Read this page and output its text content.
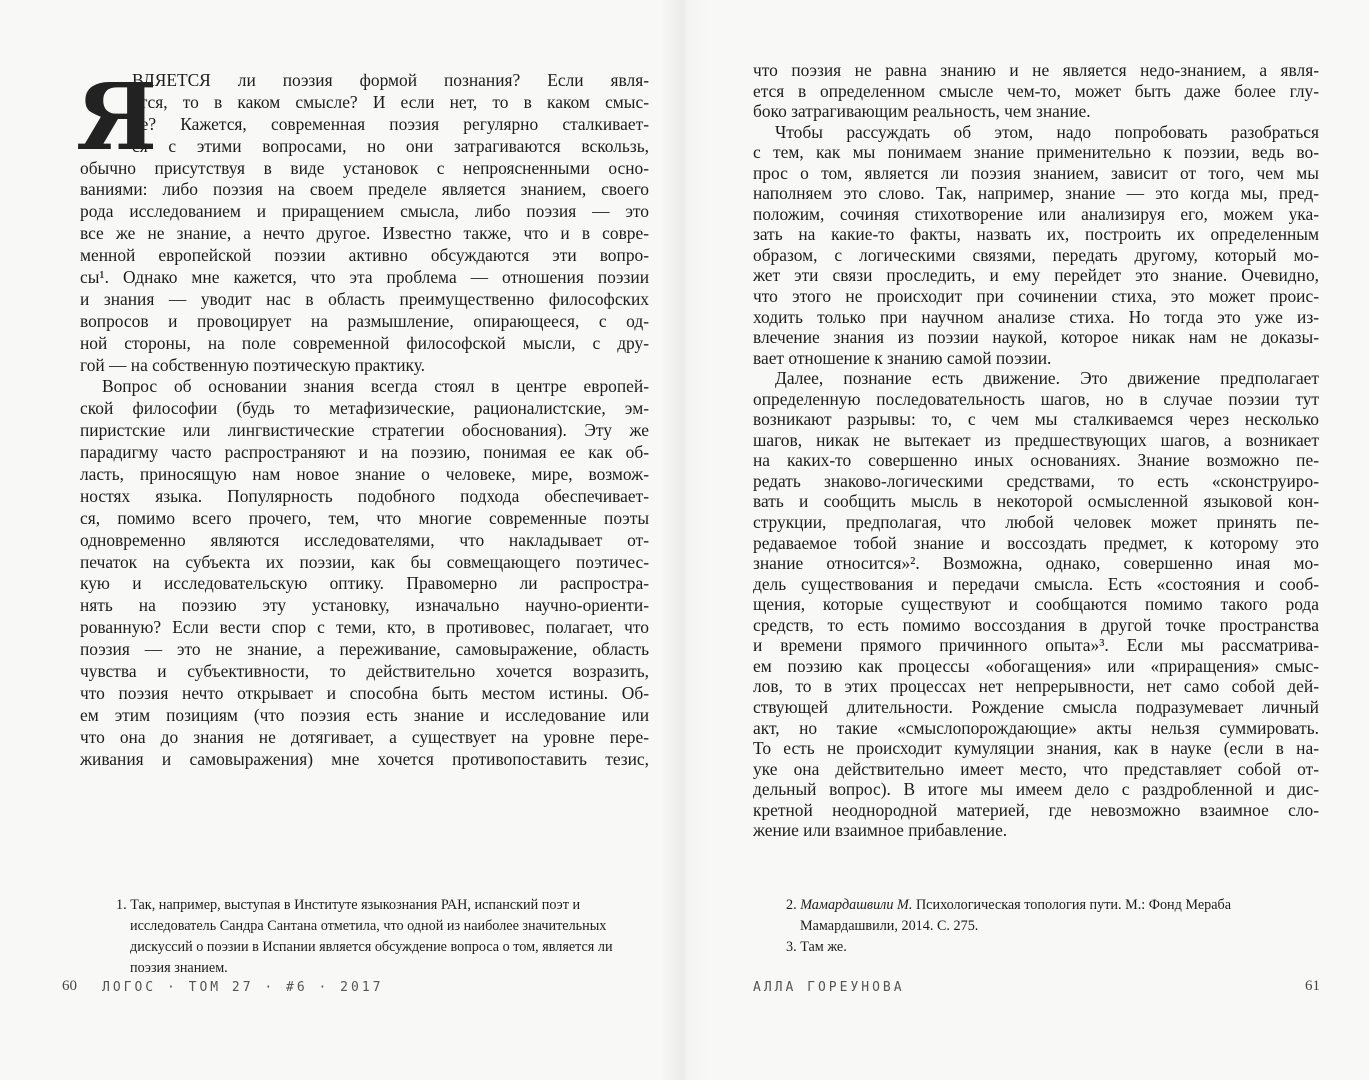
Я
ВЛЯЕТСЯ ли поэзия формой познания? Если явля-
ется, то в каком смысле? И если нет, то в каком смыс-
ле? Кажется, современная поэзия регулярно сталкивает-
ся с этими вопросами, но они затрагиваются вскользь,
обычно присутствуя в виде установок с непроясненными осно-
ваниями: либо поэзия на своем пределе является знанием, своего
рода исследованием и приращением смысла, либо поэзия — это
все же не знание, а нечто другое. Известно также, что и в совре-
менной европейской поэзии активно обсуждаются эти вопро-
сы¹. Однако мне кажется, что эта проблема — отношения поэзии
и знания — уводит нас в область преимущественно философских
вопросов и провоцирует на размышление, опирающееся, с од-
ной стороны, на поле современной философской мысли, с дру-
гой — на собственную поэтическую практику.
Вопрос об основании знания всегда стоял в центре европей-
ской философии (будь то метафизические, рационалистские, эм-
пиристские или лингвистические стратегии обоснования). Эту же
парадигму часто распространяют и на поэзию, понимая ее как об-
ласть, приносящую нам новое знание о человеке, мире, возмож-
ностях языка. Популярность подобного подхода обеспечивает-
ся, помимо всего прочего, тем, что многие современные поэты
одновременно являются исследователями, что накладывает от-
печаток на субъекта их поэзии, как бы совмещающего поэтичес-
кую и исследовательскую оптику. Правомерно ли распростра-
нять на поэзию эту установку, изначально научно-ориенти-
рованную? Если вести спор с теми, кто, в противовес, полагает, что
поэзия — это не знание, а переживание, самовыражение, область
чувства и субъективности, то действительно хочется возразить,
что поэзия нечто открывает и способна быть местом истины. Об-
ем этим позициям (что поэзия есть знание и исследование или
что она до знания не дотягивает, а существует на уровне пере-
живания и самовыражения) мне хочется противопоставить тезис,
1. Так, например, выступая в Институте языкознания РАН, испанский поэт и исследователь Сандра Сантана отметила, что одной из наиболее значительных дискуссий о поэзии в Испании является обсуждение вопроса о том, является ли поэзия знанием.
60 ЛОГОС · ТОМ 27 · #6 · 2017
что поэзия не равна знанию и не является недо-знанием, а явля-
ется в определенном смысле чем-то, может быть даже более глу-
боко затрагивающим реальность, чем знание.
Чтобы рассуждать об этом, надо попробовать разобраться
с тем, как мы понимаем знание применительно к поэзии, ведь во-
прос о том, является ли поэзия знанием, зависит от того, чем мы
наполняем это слово. Так, например, знание — это когда мы, пред-
положим, сочиняя стихотворение или анализируя его, можем ука-
зать на какие-то факты, назвать их, построить их определенным
образом, с логическими связями, передать другому, который мо-
жет эти связи проследить, и ему перейдет это знание. Очевидно,
что этого не происходит при сочинении стиха, это может проис-
ходить только при научном анализе стиха. Но тогда это уже из-
влечение знания из поэзии наукой, которое никак нам не доказы-
вает отношение к знанию самой поэзии.
Далее, познание есть движение. Это движение предполагает
определенную последовательность шагов, но в случае поэзии тут
возникают разрывы: то, с чем мы сталкиваемся через несколько
шагов, никак не вытекает из предшествующих шагов, а возникает
на каких-то совершенно иных основаниях. Знание возможно пе-
редать знаково-логическими средствами, то есть «сконструиро-
вать и сообщить мысль в некоторой осмысленной языковой кон-
струкции, предполагая, что любой человек может принять пе-
редаваемое тобой знание и воссоздать предмет, к которому это
знание относится»². Возможна, однако, совершенно иная мо-
дель существования и передачи смысла. Есть «состояния и сооб-
щения, которые существуют и сообщаются помимо такого рода
средств, то есть помимо воссоздания в другой точке пространства
и времени прямого причинного опыта»³. Если мы рассматрива-
ем поэзию как процессы «обогащения» или «приращения» смыс-
лов, то в этих процессах нет непрерывности, нет само собой дей-
ствующей длительности. Рождение смысла подразумевает личный
акт, но такие «смыслопорождающие» акты нельзя суммировать.
То есть не происходит кумуляции знания, как в науке (если в на-
уке она действительно имеет место, что представляет собой от-
дельный вопрос). В итоге мы имеем дело с раздробленной и дис-
кретной неоднородной материей, где невозможно взаимное сло-
жение или взаимное прибавление.
2. Мамардашвили М. Психологическая топология пути. М.: Фонд Мераба Мамардашвили, 2014. С. 275.
3. Там же.
АЛЛА ГОРЕУНОВА	61
